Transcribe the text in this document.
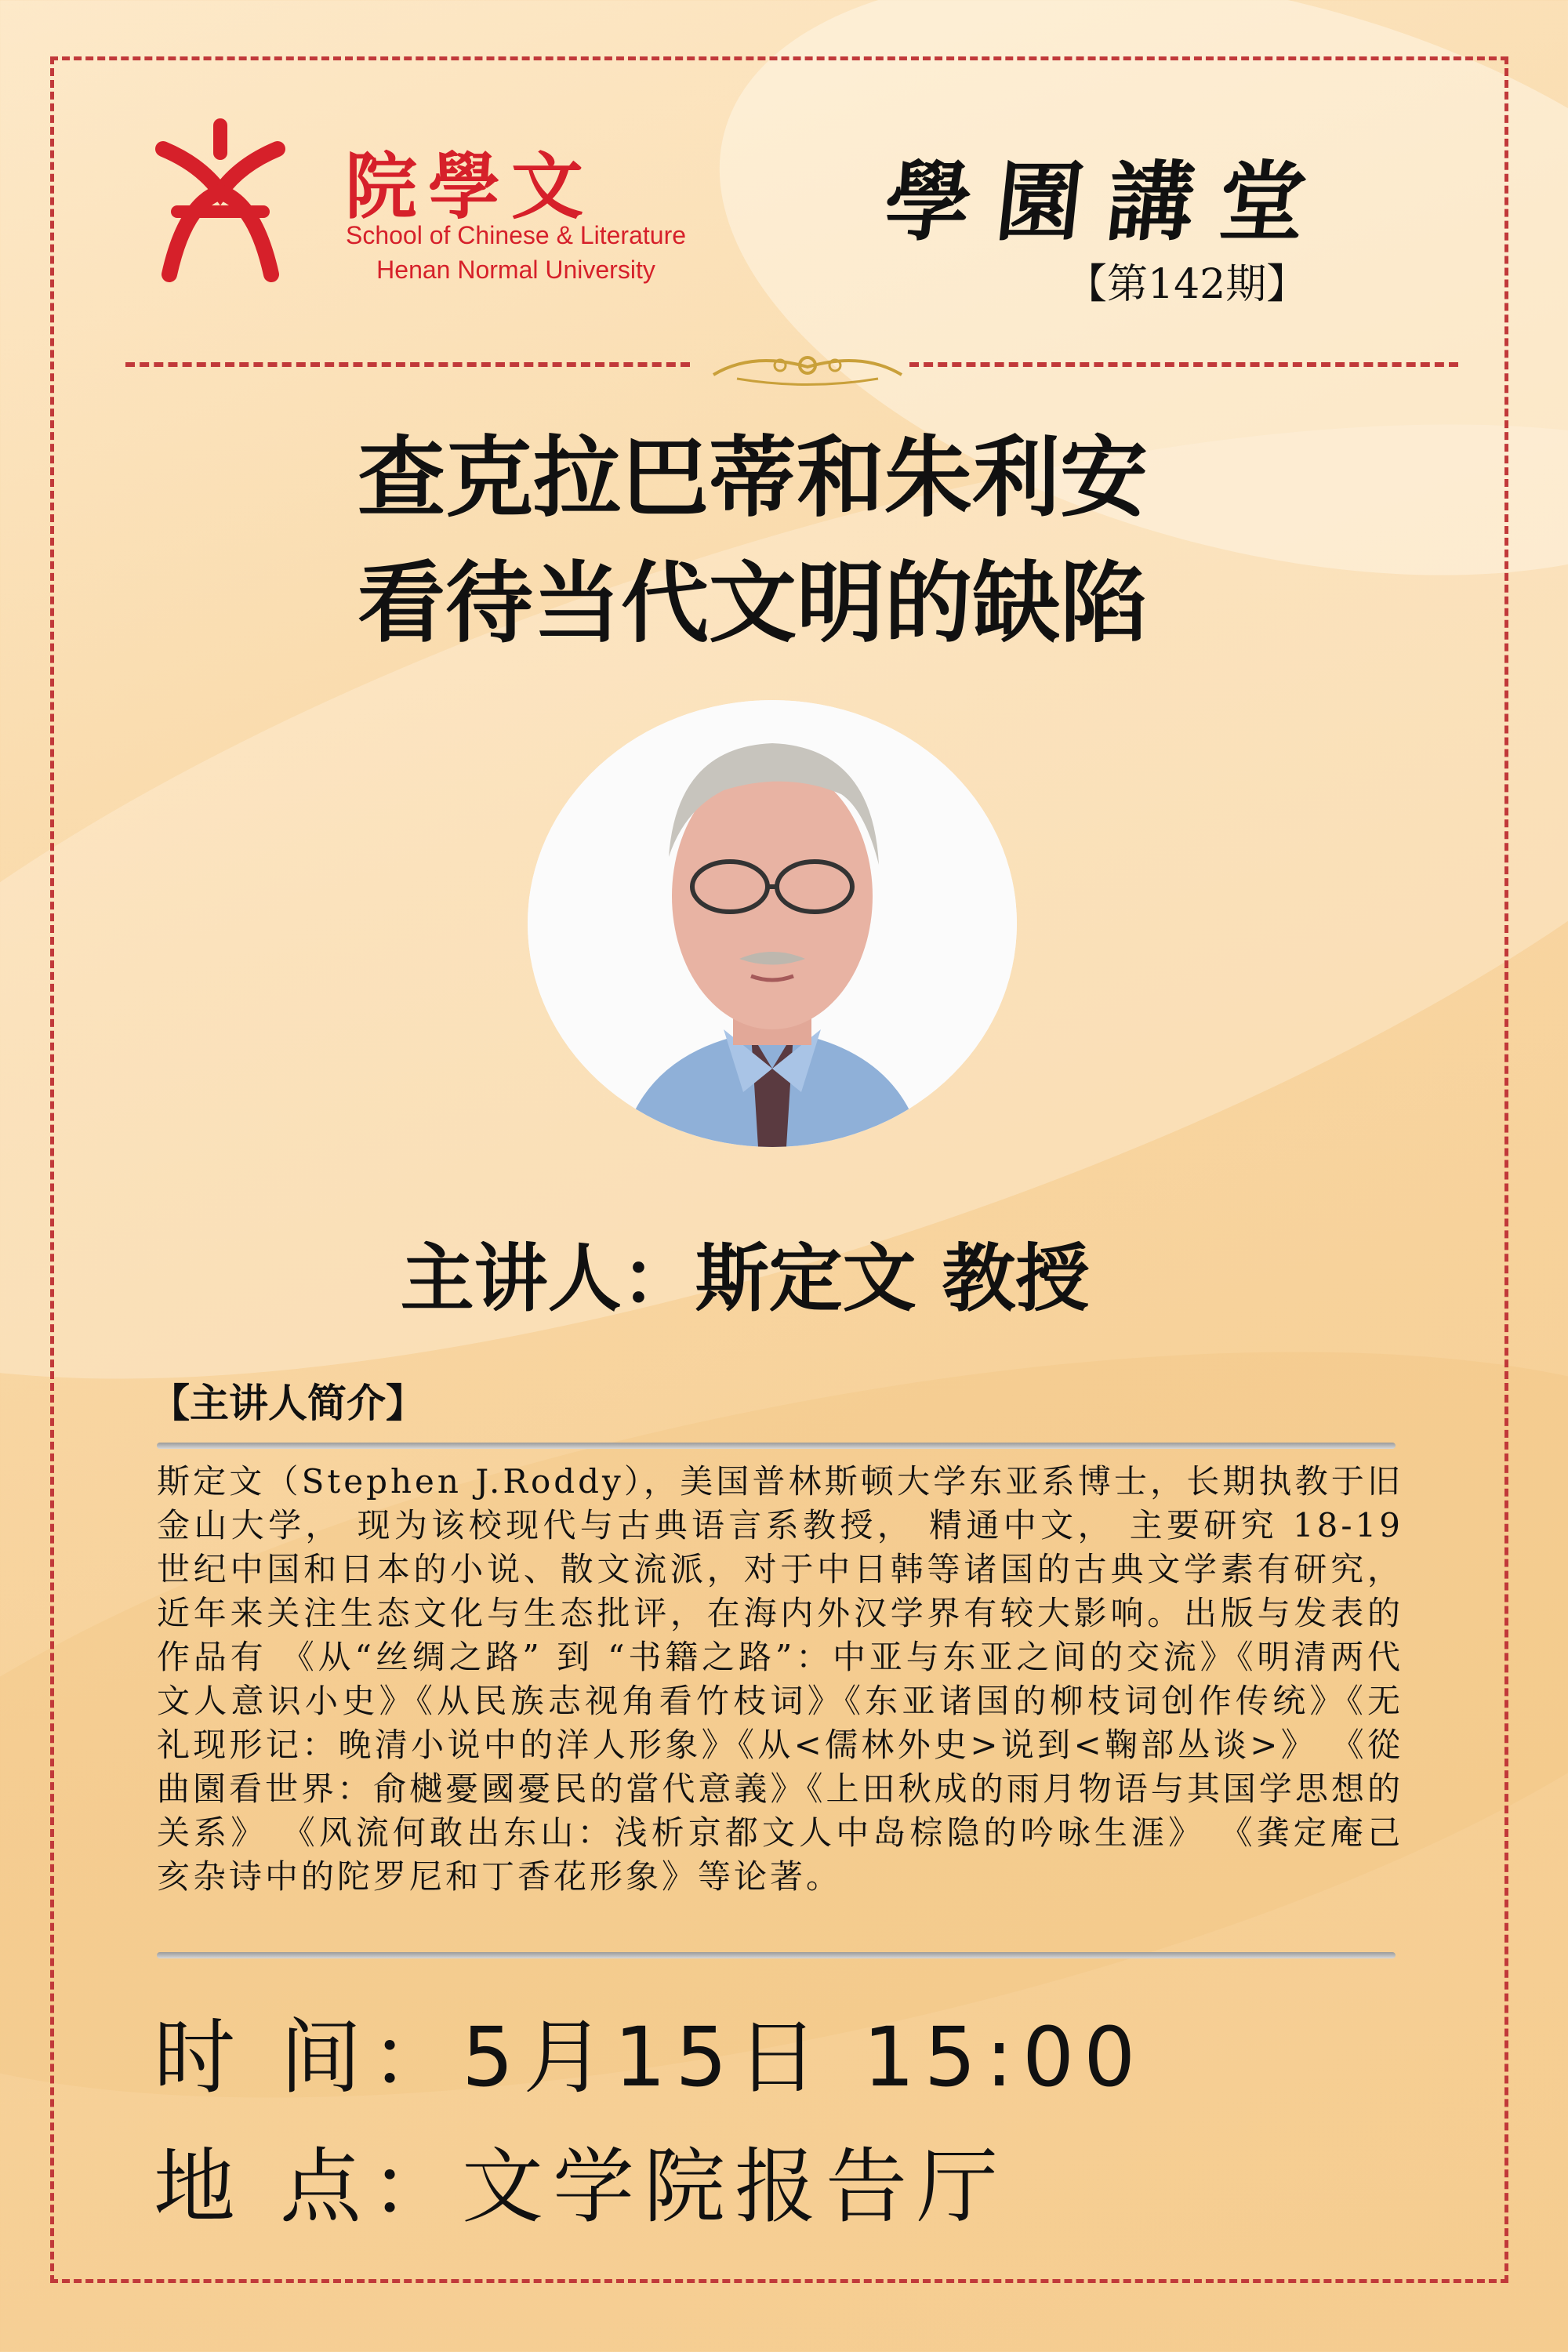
院學文
School of Chinese & Literature
Henan Normal University
學園講堂
【第142期】
查克拉巴蒂和朱利安
看待当代文明的缺陷
主讲人：斯定文 教授
【主讲人简介】
斯定文（Stephen J.Roddy），美国普林斯顿大学东亚系博士，长期执教于旧金山大学， 现为该校现代与古典语言系教授， 精通中文， 主要研究 18-19世纪中国和日本的小说、散文流派，对于中日韩等诸国的古典文学素有研究，近年来关注生态文化与生态批评，在海内外汉学界有较大影响。出版与发表的作品有 《从“丝绸之路” 到 “书籍之路”：中亚与东亚之间的交流》《明清两代文人意识小史》《从民族志视角看竹枝词》《东亚诸国的柳枝词创作传统》《无礼现形记：晚清小说中的洋人形象》《从<儒林外史>说到<鞠部丛谈>》 《從曲園看世界：俞樾憂國憂民的當代意義》《上田秋成的雨月物语与其国学思想的关系》 《风流何敢出东山：浅析京都文人中岛棕隐的吟咏生涯》 《龚定庵己亥杂诗中的陀罗尼和丁香花形象》等论著。
时 间：5月15日 15:00
地 点：文学院报告厅
